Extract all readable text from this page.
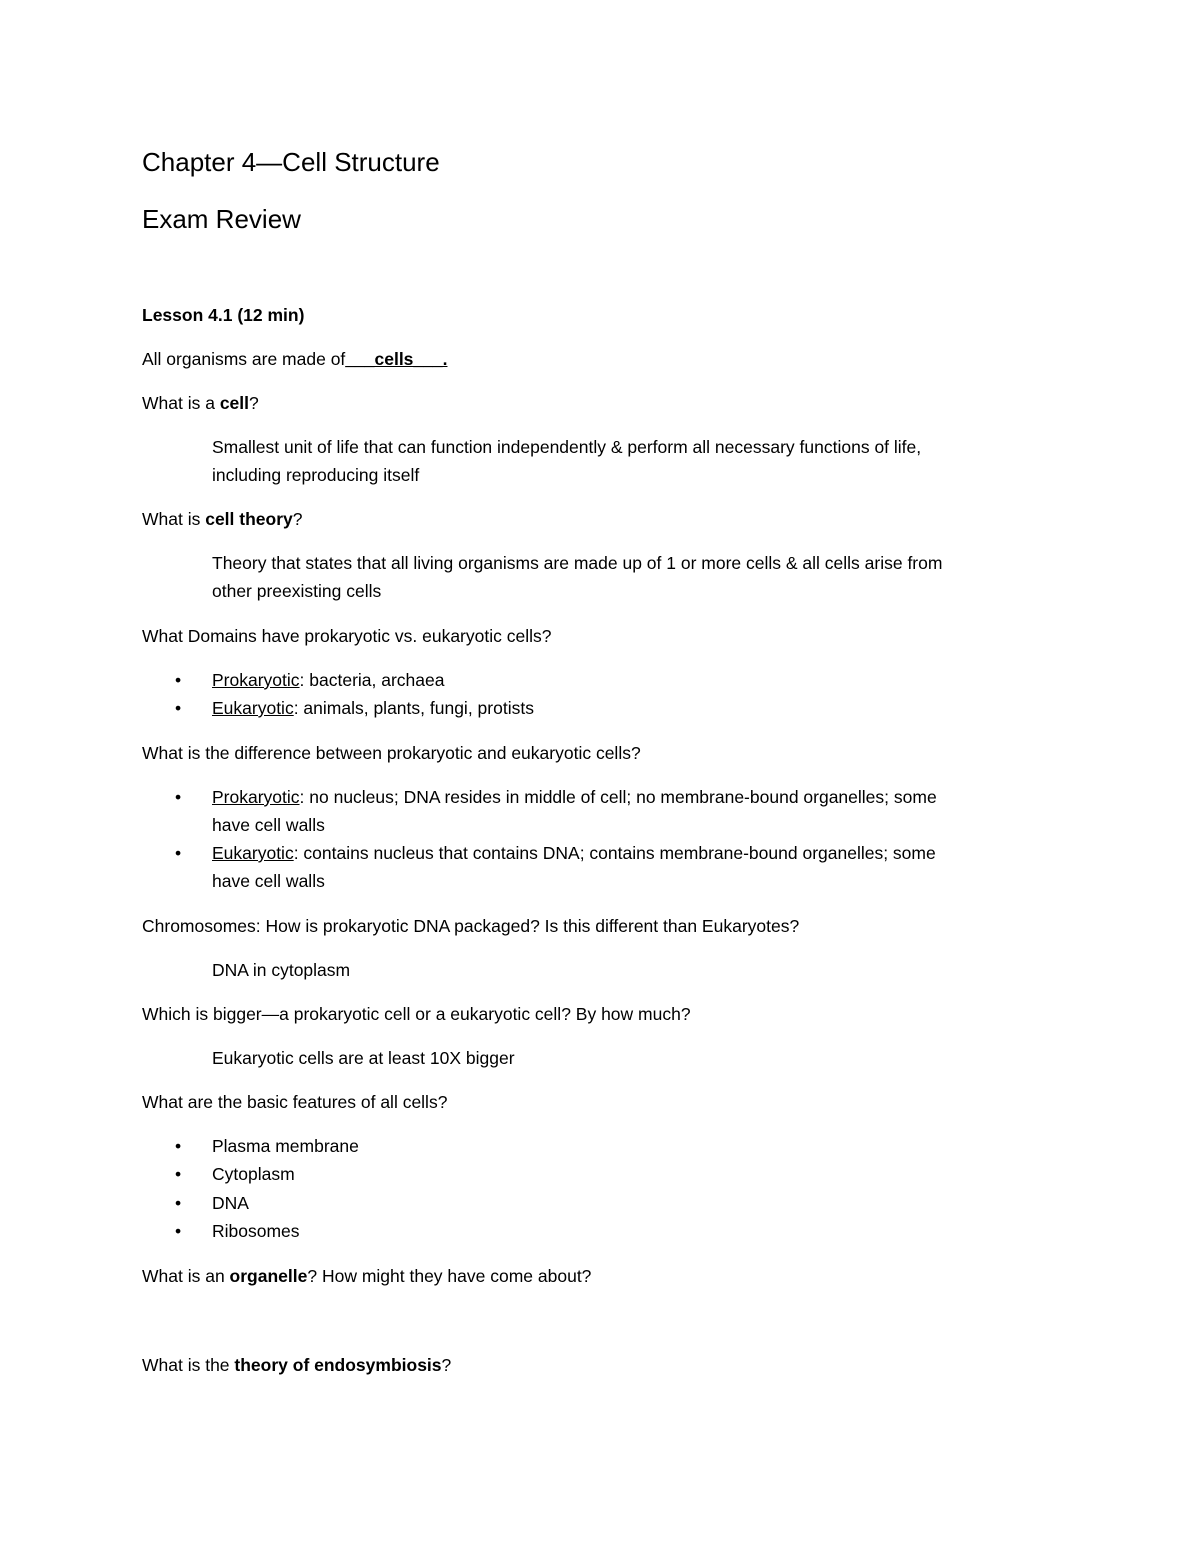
Chapter 4—Cell Structure
Exam Review
Lesson 4.1 (12 min)
All organisms are made of___cells___.
What is a cell?
Smallest unit of life that can function independently & perform all necessary functions of life,
including reproducing itself
What is cell theory?
Theory that states that all living organisms are made up of 1 or more cells & all cells arise from
other preexisting cells
What Domains have prokaryotic vs. eukaryotic cells?
• Prokaryotic: bacteria, archaea
• Eukaryotic: animals, plants, fungi, protists
What is the difference between prokaryotic and eukaryotic cells?
• Prokaryotic: no nucleus; DNA resides in middle of cell; no membrane-bound organelles; some
have cell walls
• Eukaryotic: contains nucleus that contains DNA; contains membrane-bound organelles; some
have cell walls
Chromosomes: How is prokaryotic DNA packaged? Is this different than Eukaryotes?
DNA in cytoplasm
Which is bigger—a prokaryotic cell or a eukaryotic cell? By how much?
Eukaryotic cells are at least 10X bigger
What are the basic features of all cells?
• Plasma membrane
• Cytoplasm
• DNA
• Ribosomes
What is an organelle? How might they have come about?
What is the theory of endosymbiosis?
